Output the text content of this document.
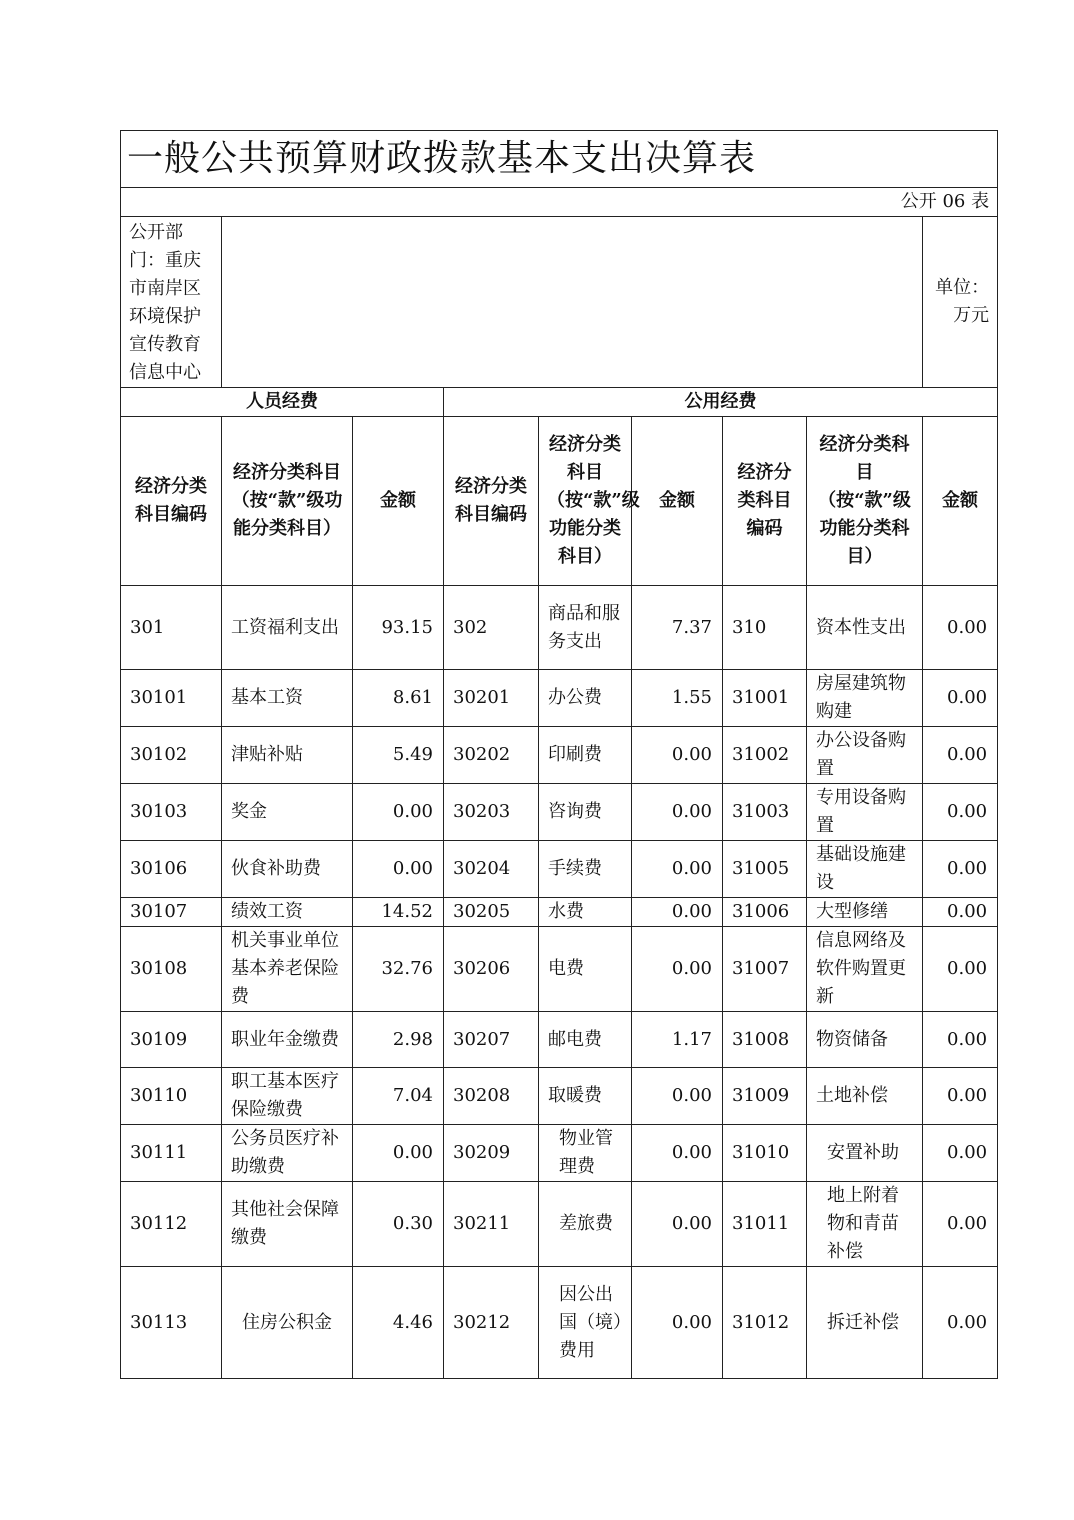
一般公共预算财政拨款基本支出决算表								
公开 06 表								
公开部门：重庆市南岸区环境保护宣传教育信息中心								单位：万元
人员经费			公用经费					
经济分类科目编码	经济分类科目（按“款”级功能分类科目）	金额	经济分类科目编码	经济分类科目（按“款”级功能分类科目）	金额	经济分类科目编码	经济分类科目（按“款”级功能分类科目）	金额
301	工资福利支出	93.15	302	商品和服务支出	7.37	310	资本性支出	0.00
30101	基本工资	8.61	30201	办公费	1.55	31001	房屋建筑物购建	0.00
30102	津贴补贴	5.49	30202	印刷费	0.00	31002	办公设备购置	0.00
30103	奖金	0.00	30203	咨询费	0.00	31003	专用设备购置	0.00
30106	伙食补助费	0.00	30204	手续费	0.00	31005	基础设施建设	0.00
30107	绩效工资	14.52	30205	水费	0.00	31006	大型修缮	0.00
30108	机关事业单位基本养老保险费	32.76	30206	电费	0.00	31007	信息网络及软件购置更新	0.00
30109	职业年金缴费	2.98	30207	邮电费	1.17	31008	物资储备	0.00
30110	职工基本医疗保险缴费	7.04	30208	取暖费	0.00	31009	土地补偿	0.00
30111	公务员医疗补助缴费	0.00	30209	物业管理费	0.00	31010	安置补助	0.00
30112	其他社会保障缴费	0.30	30211	差旅费	0.00	31011	地上附着物和青苗补偿	0.00
30113	住房公积金	4.46	30212	因公出国（境）费用	0.00	31012	拆迁补偿	0.00
